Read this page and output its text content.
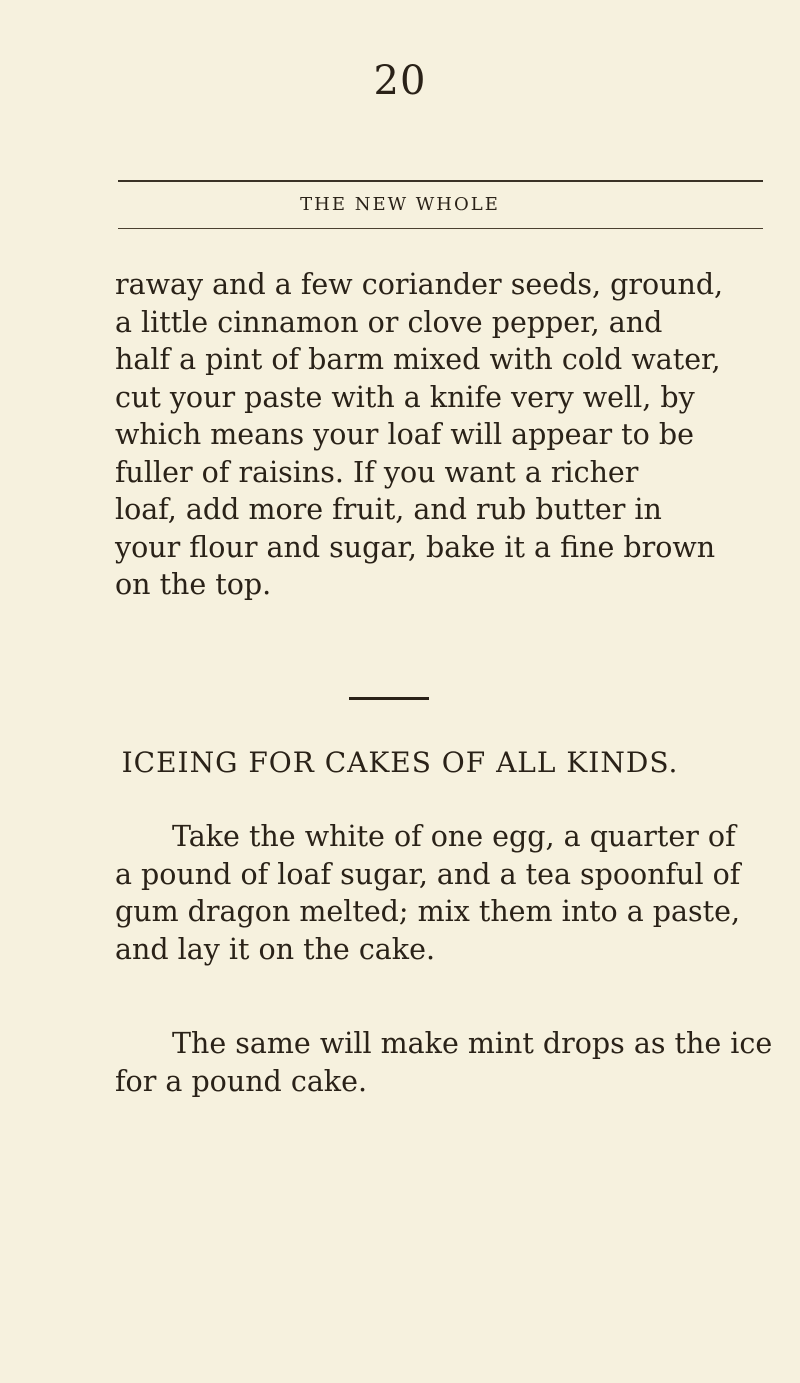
20
THE NEW WHOLE

raway and a few coriander seeds, ground,
a little cinnamon or clove pepper, and
half a pint of barm mixed with cold water,
cut your paste with a knife very well, by
which means your loaf will appear to be
fuller of raisins. If you want a richer
loaf, add more fruit, and rub butter in
your flour and sugar, bake it a fine brown
on the top.

ICEING FOR CAKES OF ALL KINDS.

Take the white of one egg, a quarter of
a pound of loaf sugar, and a tea spoonful of
gum dragon melted; mix them into a paste,
and lay it on the cake.

The same will make mint drops as the ice
for a pound cake.
